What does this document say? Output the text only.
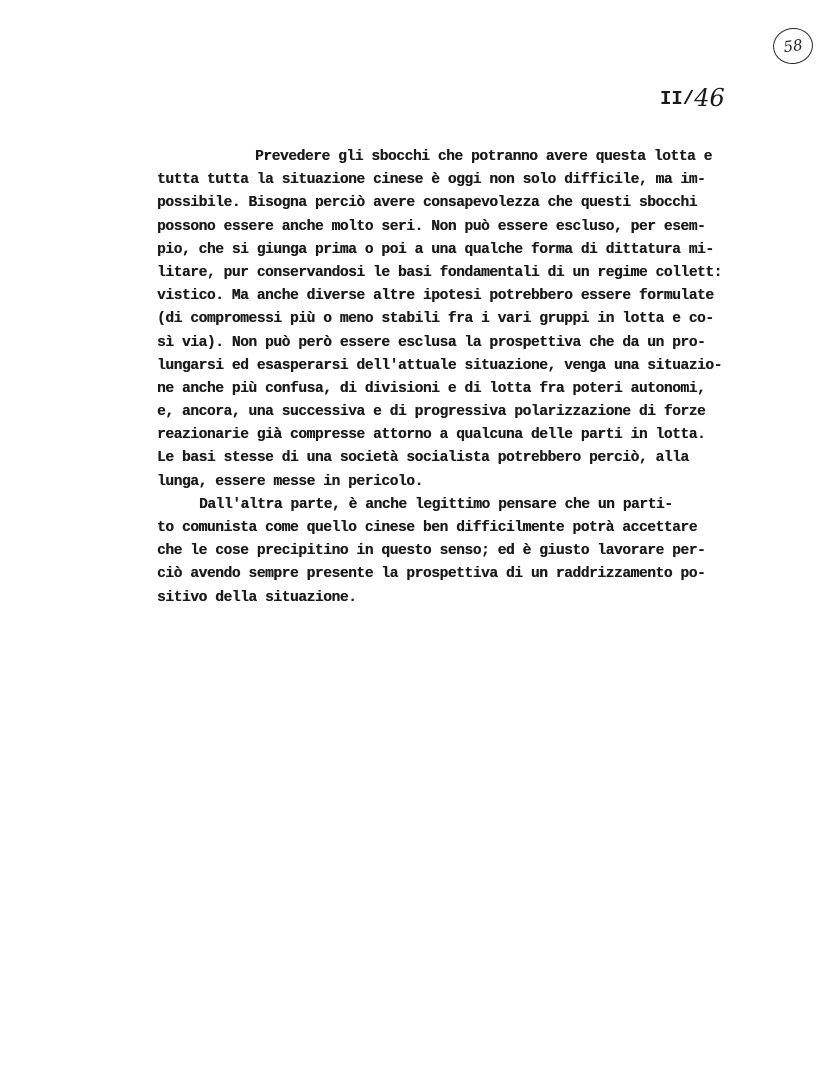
58
II/46
Prevedere gli sbocchi che potranno avere questa lotta e
tutta tutta la situazione cinese è oggi non solo difficile, ma im-
possibile. Bisogna perciò avere consapevolezza che questi sbocchi
possono essere anche molto seri. Non può essere escluso, per esem-
pio, che si giunga prima o poi a una qualche forma di dittatura mi-
litare, pur conservandosi le basi fondamentali di un regime collett:
vistico. Ma anche diverse altre ipotesi potrebbero essere formulate
(di compromessi più o meno stabili fra i vari gruppi in lotta e co-
sì via). Non può però essere esclusa la prospettiva che da un pro-
lungarsi ed esasperarsi dell'attuale situazione, venga una situazio-
ne anche più confusa, di divisioni e di lotta fra poteri autonomi,
e, ancora, una successiva e di progressiva polarizzazione di forze
reazionarie già compresse attorno a qualcuna delle parti in lotta.
Le basi stesse di una società socialista potrebbero perciò, alla
lunga, essere messe in pericolo.
Dall'altra parte, è anche legittimo pensare che un parti-
to comunista come quello cinese ben difficilmente potrà accettare
che le cose precipitino in questo senso; ed è giusto lavorare per-
ciò avendo sempre presente la prospettiva di un raddrizzamento po-
sitivo della situazione.
